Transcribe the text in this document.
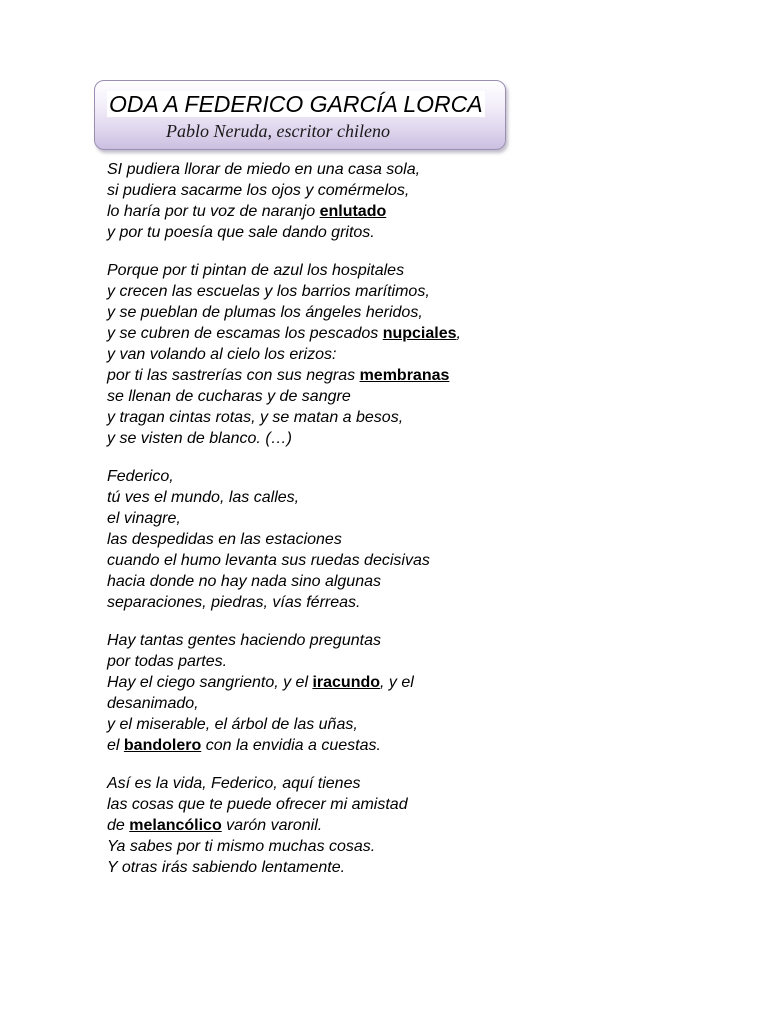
ODA A FEDERICO GARCÍA LORCA
Pablo Neruda, escritor chileno
SI pudiera llorar de miedo en una casa sola,
si pudiera sacarme los ojos y comérmelos,
lo haría por tu voz de naranjo enlutado
y por tu poesía que sale dando gritos.
Porque por ti pintan de azul los hospitales
y crecen las escuelas y los barrios marítimos,
y se pueblan de plumas los ángeles heridos,
y se cubren de escamas los pescados nupciales,
y van volando al cielo los erizos:
por ti las sastrerías con sus negras membranas
se llenan de cucharas y de sangre
y tragan cintas rotas, y se matan a besos,
y se visten de blanco. (…)
Federico,
tú ves el mundo, las calles,
el vinagre,
las despedidas en las estaciones
cuando el humo levanta sus ruedas decisivas
hacia donde no hay nada sino algunas
separaciones, piedras, vías férreas.
Hay tantas gentes haciendo preguntas
por todas partes.
Hay el ciego sangriento, y el iracundo, y el
desanimado,
y el miserable, el árbol de las uñas,
el bandolero con la envidia a cuestas.
Así es la vida, Federico, aquí tienes
las cosas que te puede ofrecer mi amistad
de melancólico varón varonil.
Ya sabes por ti mismo muchas cosas.
Y otras irás sabiendo lentamente.
